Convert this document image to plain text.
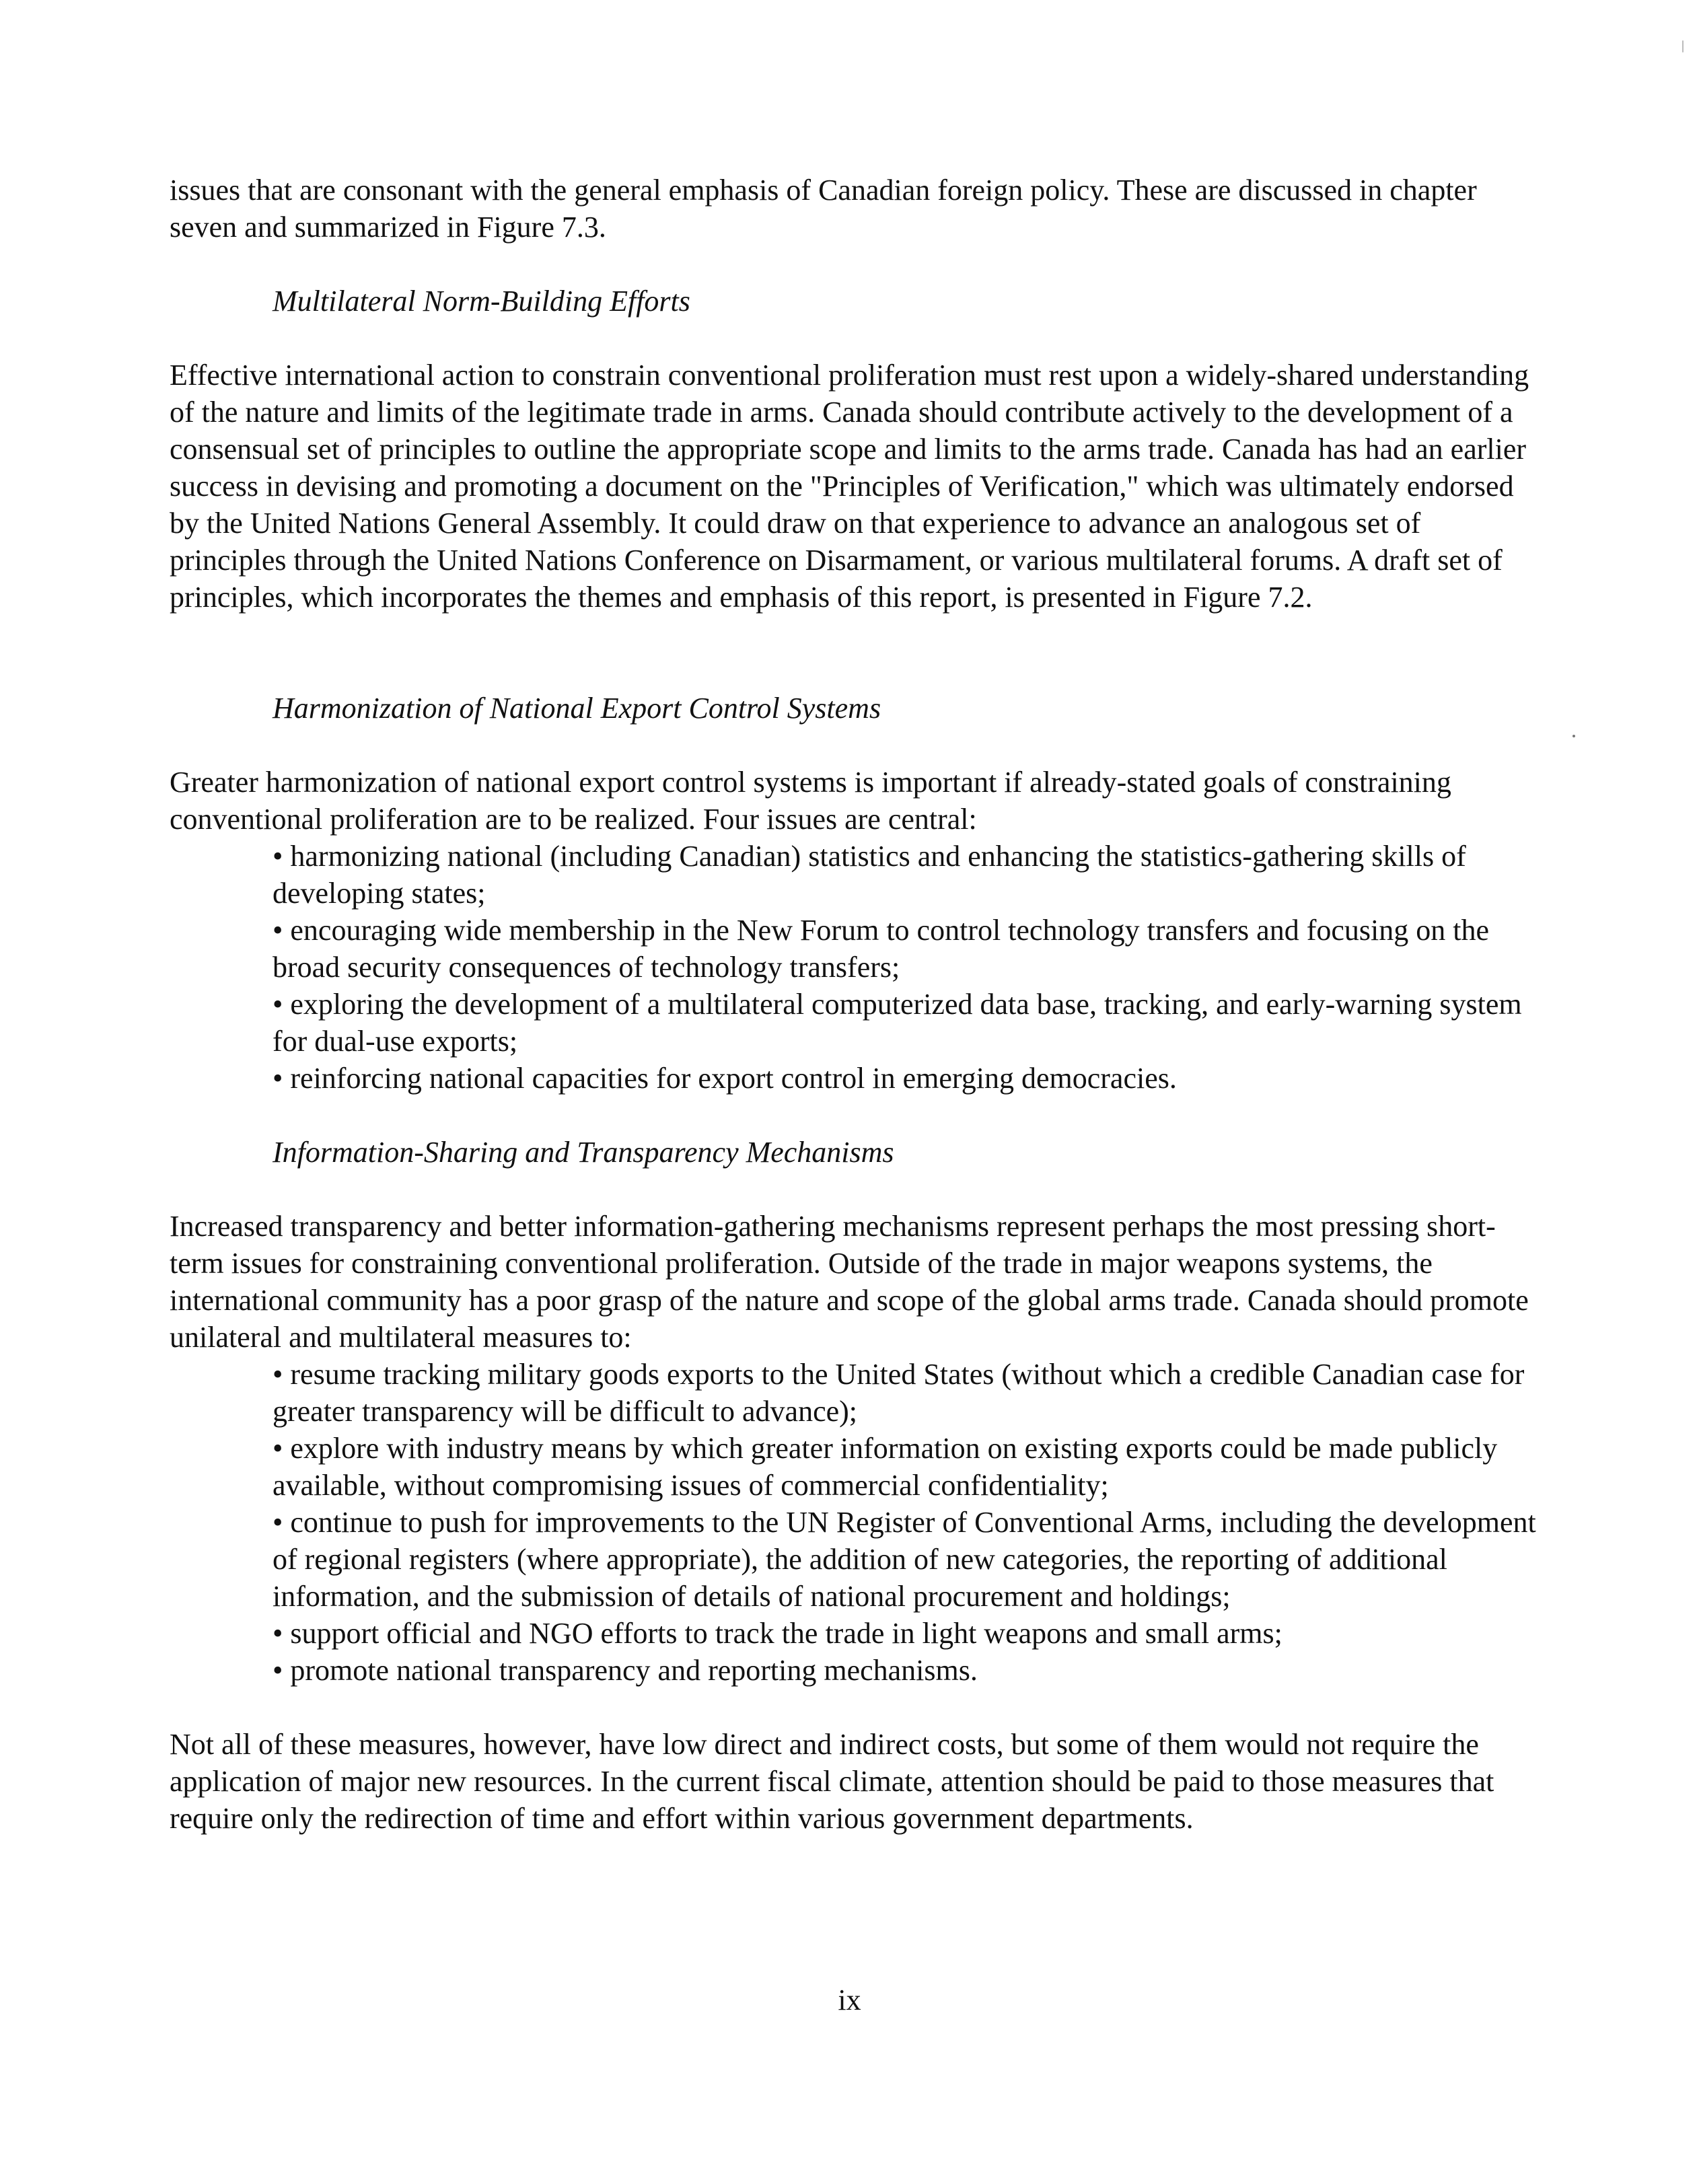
issues that are consonant with the general emphasis of Canadian foreign policy. These are discussed in chapter seven and summarized in Figure 7.3.

Multilateral Norm-Building Efforts

Effective international action to constrain conventional proliferation must rest upon a widely-shared understanding of the nature and limits of the legitimate trade in arms. Canada should contribute actively to the development of a consensual set of principles to outline the appropriate scope and limits to the arms trade. Canada has had an earlier success in devising and promoting a document on the "Principles of Verification," which was ultimately endorsed by the United Nations General Assembly. It could draw on that experience to advance an analogous set of principles through the United Nations Conference on Disarmament, or various multilateral forums. A draft set of principles, which incorporates the themes and emphasis of this report, is presented in Figure 7.2.

Harmonization of National Export Control Systems

Greater harmonization of national export control systems is important if already-stated goals of constraining conventional proliferation are to be realized. Four issues are central:

• harmonizing national (including Canadian) statistics and enhancing the statistics-gathering skills of developing states;
• encouraging wide membership in the New Forum to control technology transfers and focusing on the broad security consequences of technology transfers;
• exploring the development of a multilateral computerized data base, tracking, and early-warning system for dual-use exports;
• reinforcing national capacities for export control in emerging democracies.

Information-Sharing and Transparency Mechanisms

Increased transparency and better information-gathering mechanisms represent perhaps the most pressing short-term issues for constraining conventional proliferation. Outside of the trade in major weapons systems, the international community has a poor grasp of the nature and scope of the global arms trade. Canada should promote unilateral and multilateral measures to:

• resume tracking military goods exports to the United States (without which a credible Canadian case for greater transparency will be difficult to advance);
• explore with industry means by which greater information on existing exports could be made publicly available, without compromising issues of commercial confidentiality;
• continue to push for improvements to the UN Register of Conventional Arms, including the development of regional registers (where appropriate), the addition of new categories, the reporting of additional information, and the submission of details of national procurement and holdings;
• support official and NGO efforts to track the trade in light weapons and small arms;
• promote national transparency and reporting mechanisms.

Not all of these measures, however, have low direct and indirect costs, but some of them would not require the application of major new resources. In the current fiscal climate, attention should be paid to those measures that require only the redirection of time and effort within various government departments.

ix
